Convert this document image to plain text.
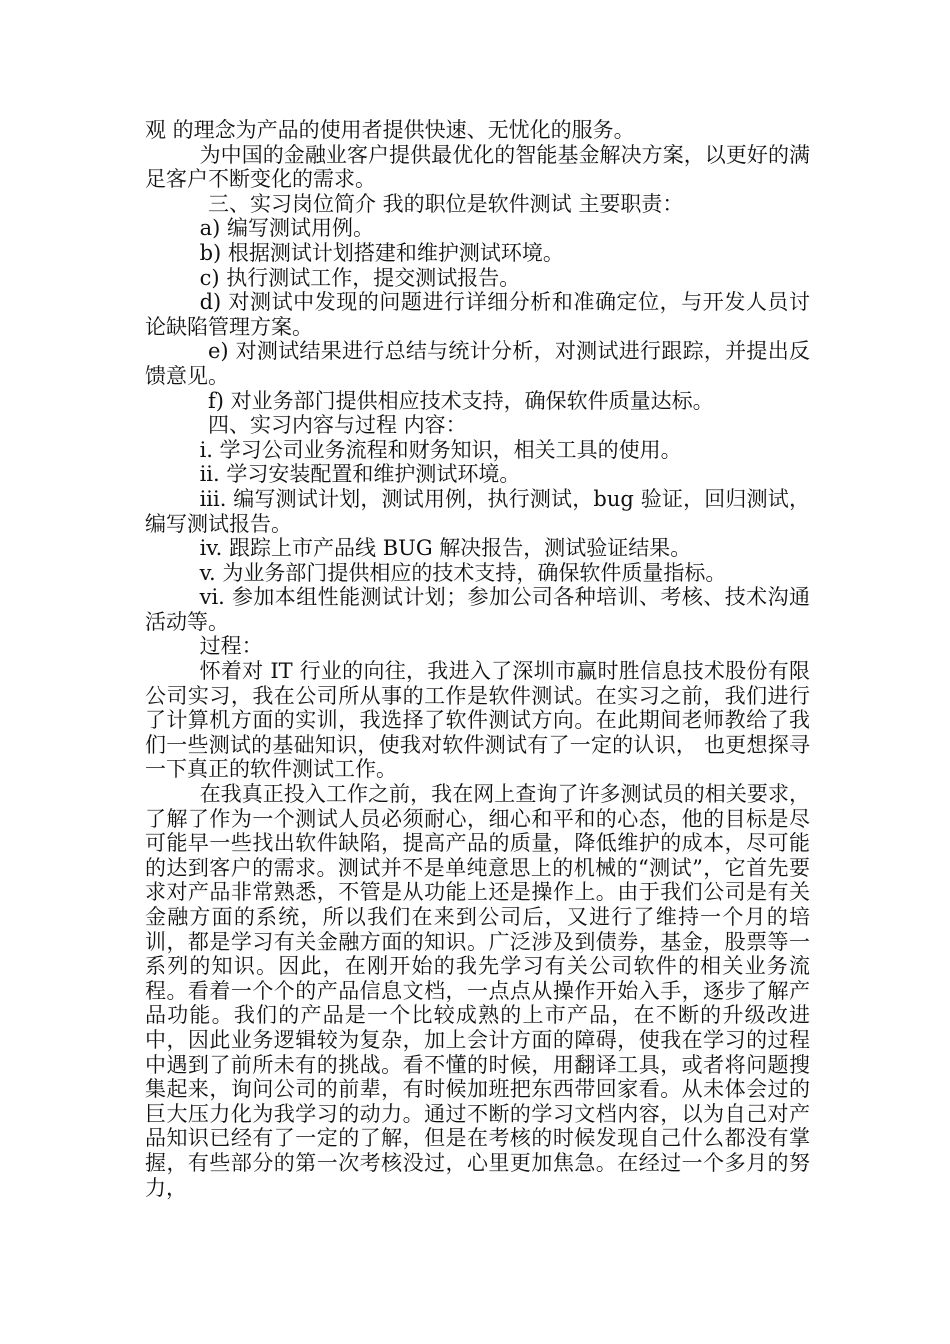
观 的理念为产品的使用者提供快速、无忧化的服务。

为中国的金融业客户提供最优化的智能基金解决方案，以更好的满足客户不断变化的需求。

三、实习岗位简介 我的职位是软件测试 主要职责：

a) 编写测试用例。

b) 根据测试计划搭建和维护测试环境。

c) 执行测试工作，提交测试报告。

d) 对测试中发现的问题进行详细分析和准确定位，与开发人员讨论缺陷管理方案。

e) 对测试结果进行总结与统计分析，对测试进行跟踪，并提出反馈意见。

f) 对业务部门提供相应技术支持，确保软件质量达标。

四、实习内容与过程 内容：

i. 学习公司业务流程和财务知识，相关工具的使用。

ii. 学习安装配置和维护测试环境。

iii. 编写测试计划，测试用例，执行测试，bug 验证，回归测试，编写测试报告。

iv. 跟踪上市产品线 BUG 解决报告，测试验证结果。

v. 为业务部门提供相应的技术支持，确保软件质量指标。

vi. 参加本组性能测试计划；参加公司各种培训、考核、技术沟通活动等。

过程：

怀着对 IT 行业的向往，我进入了深圳市赢时胜信息技术股份有限公司实习，我在公司所从事的工作是软件测试。在实习之前，我们进行了计算机方面的实训，我选择了软件测试方向。在此期间老师教给了我们一些测试的基础知识，使我对软件测试有了一定的认识， 也更想探寻一下真正的软件测试工作。

在我真正投入工作之前，我在网上查询了许多测试员的相关要求，了解了作为一个测试人员必须耐心，细心和平和的心态，他的目标是尽可能早一些找出软件缺陷，提高产品的质量，降低维护的成本，尽可能的达到客户的需求。测试并不是单纯意思上的机械的“测试”，它首先要求对产品非常熟悉，不管是从功能上还是操作上。由于我们公司是有关金融方面的系统，所以我们在来到公司后，又进行了维持一个月的培训，都是学习有关金融方面的知识。广泛涉及到债券，基金，股票等一系列的知识。因此，在刚开始的我先学习有关公司软件的相关业务流程。看着一个个的产品信息文档，一点点从操作开始入手，逐步了解产品功能。我们的产品是一个比较成熟的上市产品，在不断的升级改进中，因此业务逻辑较为复杂，加上会计方面的障碍，使我在学习的过程中遇到了前所未有的挑战。看不懂的时候，用翻译工具，或者将问题搜集起来，询问公司的前辈，有时候加班把东西带回家看。从未体会过的巨大压力化为我学习的动力。通过不断的学习文档内容，以为自己对产品知识已经有了一定的了解，但是在考核的时候发现自己什么都没有掌握，有些部分的第一次考核没过，心里更加焦急。在经过一个多月的努力，
